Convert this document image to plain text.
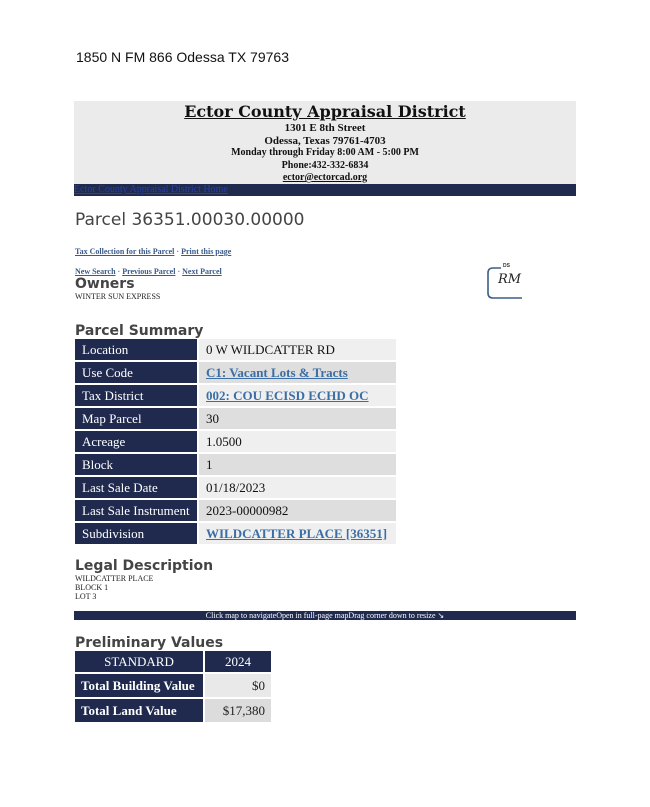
1850 N FM 866 Odessa TX 79763
DS
RM
Ector County Appraisal District
1301 E 8th Street
Odessa, Texas 79761-4703
Monday through Friday 8:00 AM - 5:00 PM
Phone:432-332-6834
ector@ectorcad.org
Ector County Appraisal District Home
Parcel 36351.00030.00000
Tax Collection for this Parcel · Print this page
New Search · Previous Parcel · Next Parcel
Owners
WINTER SUN EXPRESS
Parcel Summary
Location	0 W WILDCATTER RD
Use Code	C1: Vacant Lots & Tracts
Tax District	002: COU ECISD ECHD OC
Map Parcel	30
Acreage	1.0500
Block	1
Last Sale Date	01/18/2023
Last Sale Instrument	2023-00000982
Subdivision	WILDCATTER PLACE [36351]
Legal Description
WILDCATTER PLACE
BLOCK 1
LOT 3
Click map to navigateOpen in full-page mapDrag corner down to resize ↘
Preliminary Values
STANDARD	2024
Total Building Value	$0
Total Land Value	$17,380
